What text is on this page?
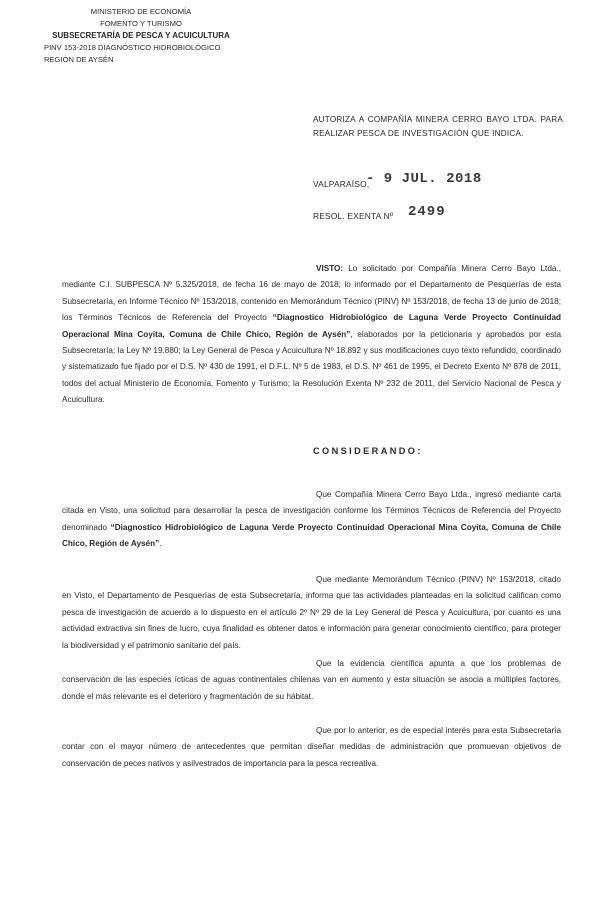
MINISTERIO DE ECONOMÍA
FOMENTO Y TURISMO
SUBSECRETARÍA DE PESCA Y ACUICULTURA
PINV 153-2018 DIAGNÓSTICO HIDROBIOLÓGICO
REGIÓN DE AYSÉN
AUTORIZA A COMPAÑÍA MINERA CERRO BAYO LTDA. PARA REALIZAR PESCA DE INVESTIGACIÓN QUE INDICA.
VALPARAÍSO,
- 9 JUL. 2018
RESOL. EXENTA Nº 2499

VISTO: Lo solicitado por Compañía Minera Cerro Bayo Ltda., mediante C.I. SUBPESCA Nº 5.325/2018, de fecha 16 de mayo de 2018; lo informado por el Departamento de Pesquerías de esta Subsecretaría, en Informe Técnico Nº 153/2018, contenido en Memorándum Técnico (PINV) Nº 153/2018, de fecha 13 de junio de 2018; los Términos Técnicos de Referencia del Proyecto “Diagnostico Hidrobiológico de Laguna Verde Proyecto Continuidad Operacional Mina Coyita, Comuna de Chile Chico, Región de Aysén”, elaborados por la peticionaria y aprobados por esta Subsecretaría; la Ley Nº 19.880; la Ley General de Pesca y Acuicultura Nº 18.892 y sus modificaciones cuyo texto refundido, coordinado y sistematizado fue fijado por el D.S. Nº 430 de 1991, el D.F.L. Nº 5 de 1983, el D.S. Nº 461 de 1995, el Decreto Exento Nº 878 de 2011, todos del actual Ministerio de Economía, Fomento y Turismo; la Resolución Exenta Nº 232 de 2011, del Servicio Nacional de Pesca y Acuicultura.

CONSIDERANDO:

Que Compañía Minera Cerro Bayo Ltda., ingresó mediante carta citada en Visto, una solicitud para desarrollar la pesca de investigación conforme los Términos Técnicos de Referencia del Proyecto denominado “Diagnostico Hidrobiológico de Laguna Verde Proyecto Continuidad Operacional Mina Coyita, Comuna de Chile Chico, Región de Aysén”.

Que mediante Memorándum Técnico (PINV) Nº 153/2018, citado en Visto, el Departamento de Pesquerías de esta Subsecretaría, informa que las actividades planteadas en la solicitud califican como pesca de investigación de acuerdo a lo dispuesto en el artículo 2º Nº 29 de la Ley General de Pesca y Acuicultura, por cuanto es una actividad extractiva sin fines de lucro, cuya finalidad es obtener datos e información para generar conocimiento científico, para proteger la biodiversidad y el patrimonio sanitario del país.

Que la evidencia científica apunta a que los problemas de conservación de las especies ícticas de aguas continentales chilenas van en aumento y esta situación se asocia a múltiples factores, donde el más relevante es el deterioro y fragmentación de su hábitat.

Que por lo anterior, es de especial interés para esta Subsecretaría contar con el mayor número de antecedentes que permitan diseñar medidas de administración que promuevan objetivos de conservación de peces nativos y asilvestrados de importancia para la pesca recreativa.
